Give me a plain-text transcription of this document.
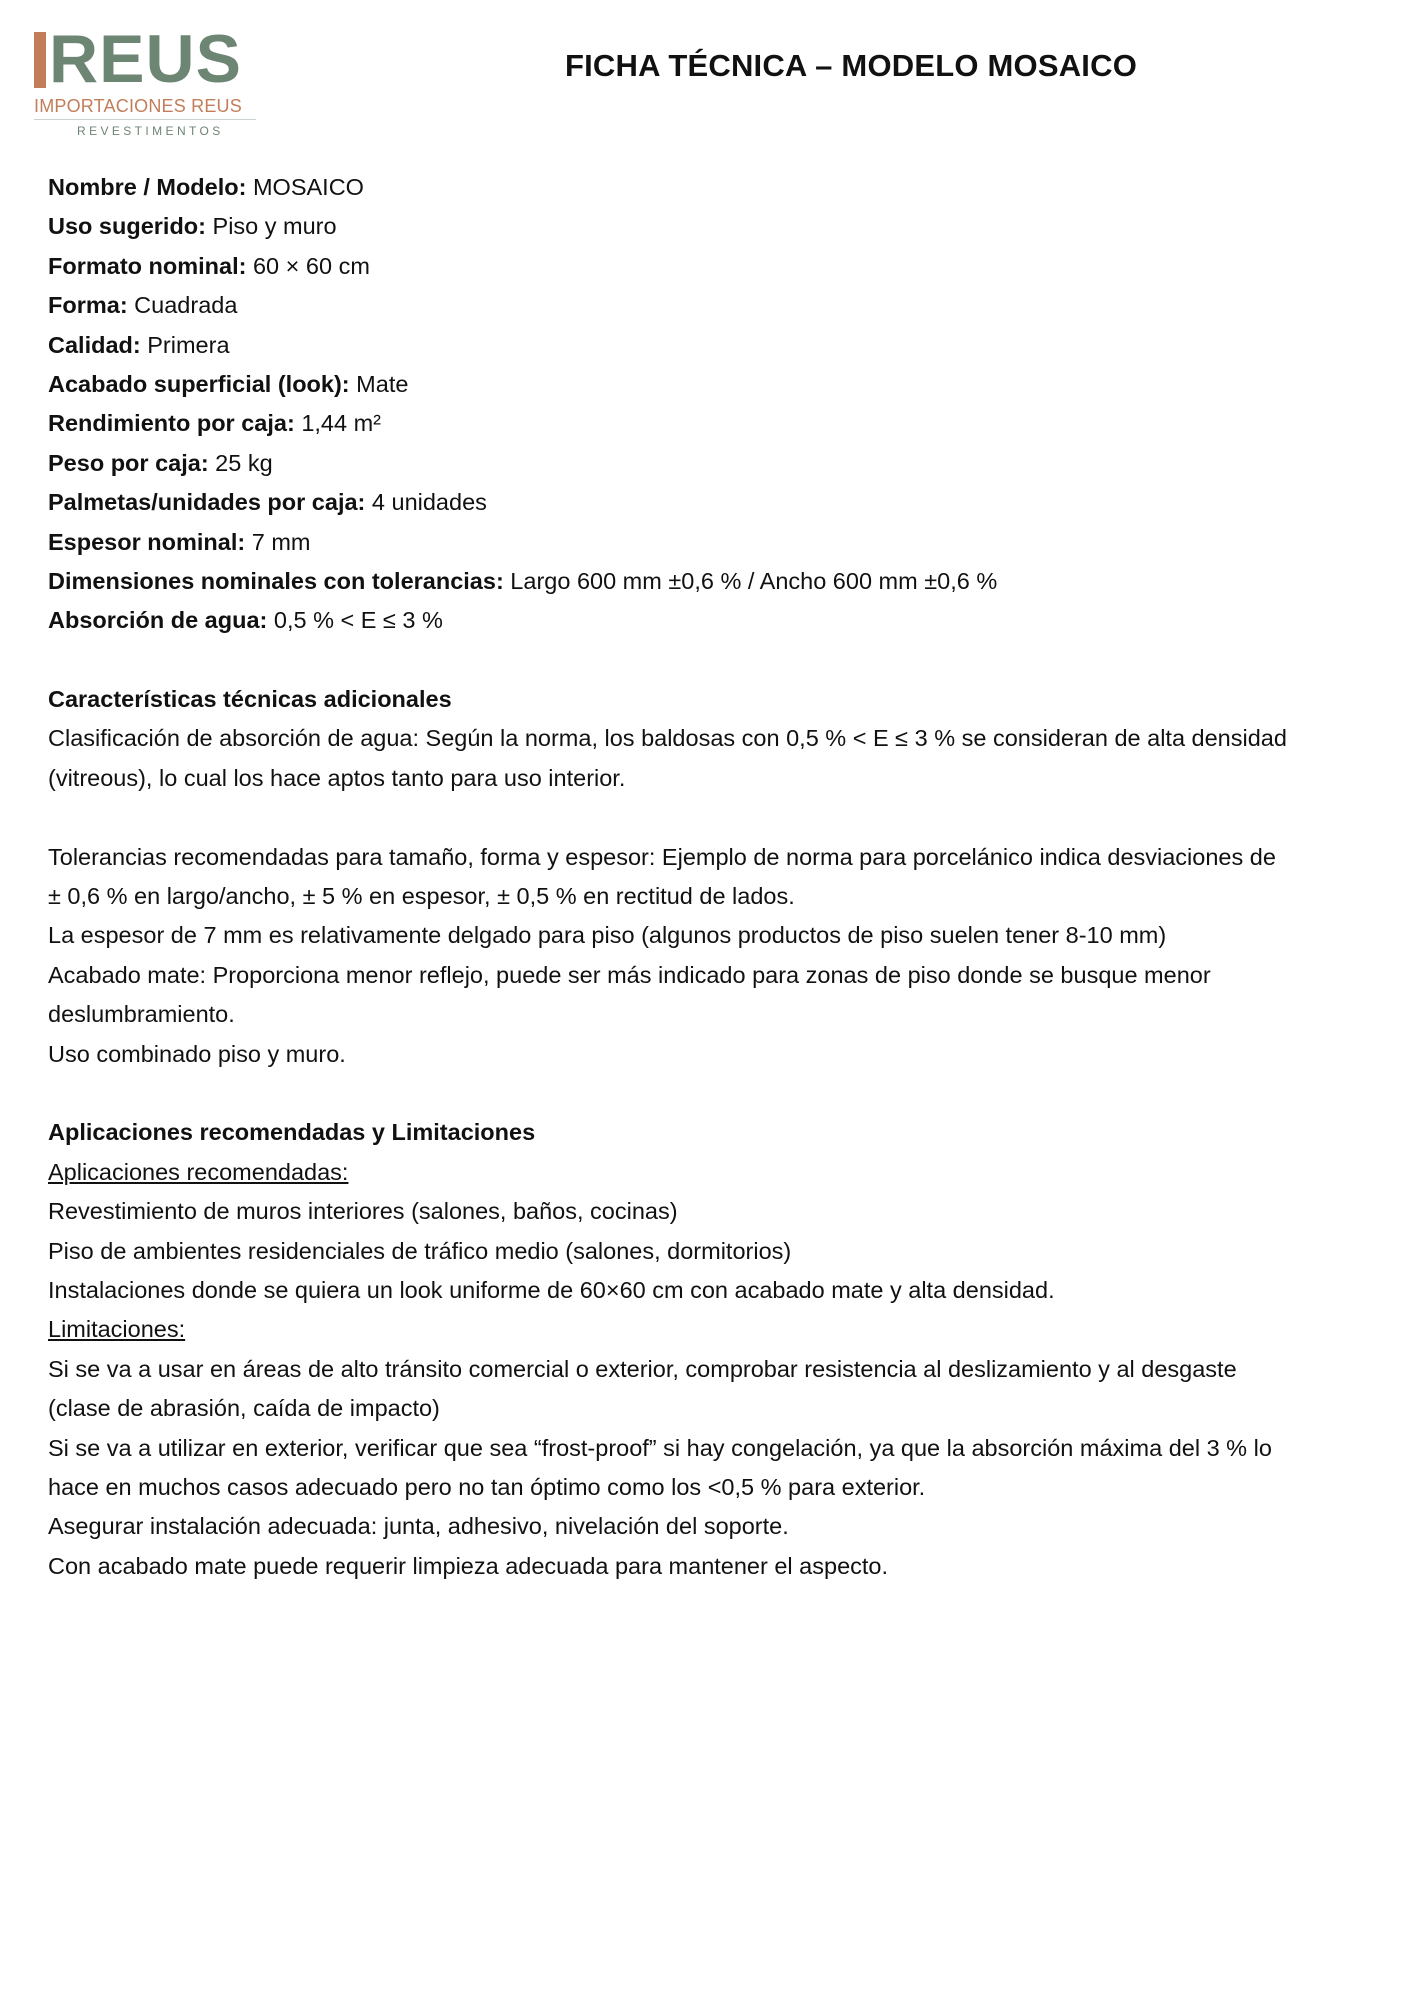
REUS
IMPORTACIONES REUS
REVESTIMENTOS
FICHA TÉCNICA – MODELO MOSAICO
Nombre / Modelo: MOSAICO
Uso sugerido: Piso y muro
Formato nominal: 60 × 60 cm
Forma: Cuadrada
Calidad: Primera
Acabado superficial (look): Mate
Rendimiento por caja: 1,44 m²
Peso por caja: 25 kg
Palmetas/unidades por caja: 4 unidades
Espesor nominal: 7 mm
Dimensiones nominales con tolerancias: Largo 600 mm ±0,6 % / Ancho 600 mm ±0,6 %
Absorción de agua: 0,5 % < E ≤ 3 %
Características técnicas adicionales
Clasificación de absorción de agua: Según la norma, los baldosas con 0,5 % < E ≤ 3 % se consideran de alta densidad
(vitreous), lo cual los hace aptos tanto para uso interior.
Tolerancias recomendadas para tamaño, forma y espesor: Ejemplo de norma para porcelánico indica desviaciones de
± 0,6 % en largo/ancho, ± 5 % en espesor, ± 0,5 % en rectitud de lados.
La espesor de 7 mm es relativamente delgado para piso (algunos productos de piso suelen tener 8-10 mm)
Acabado mate: Proporciona menor reflejo, puede ser más indicado para zonas de piso donde se busque menor
deslumbramiento.
Uso combinado piso y muro.
Aplicaciones recomendadas y Limitaciones
Aplicaciones recomendadas:
Revestimiento de muros interiores (salones, baños, cocinas)
Piso de ambientes residenciales de tráfico medio (salones, dormitorios)
Instalaciones donde se quiera un look uniforme de 60×60 cm con acabado mate y alta densidad.
Limitaciones:
Si se va a usar en áreas de alto tránsito comercial o exterior, comprobar resistencia al deslizamiento y al desgaste
(clase de abrasión, caída de impacto)
Si se va a utilizar en exterior, verificar que sea “frost-proof” si hay congelación, ya que la absorción máxima del 3 % lo
hace en muchos casos adecuado pero no tan óptimo como los <0,5 % para exterior.
Asegurar instalación adecuada: junta, adhesivo, nivelación del soporte.
Con acabado mate puede requerir limpieza adecuada para mantener el aspecto.
